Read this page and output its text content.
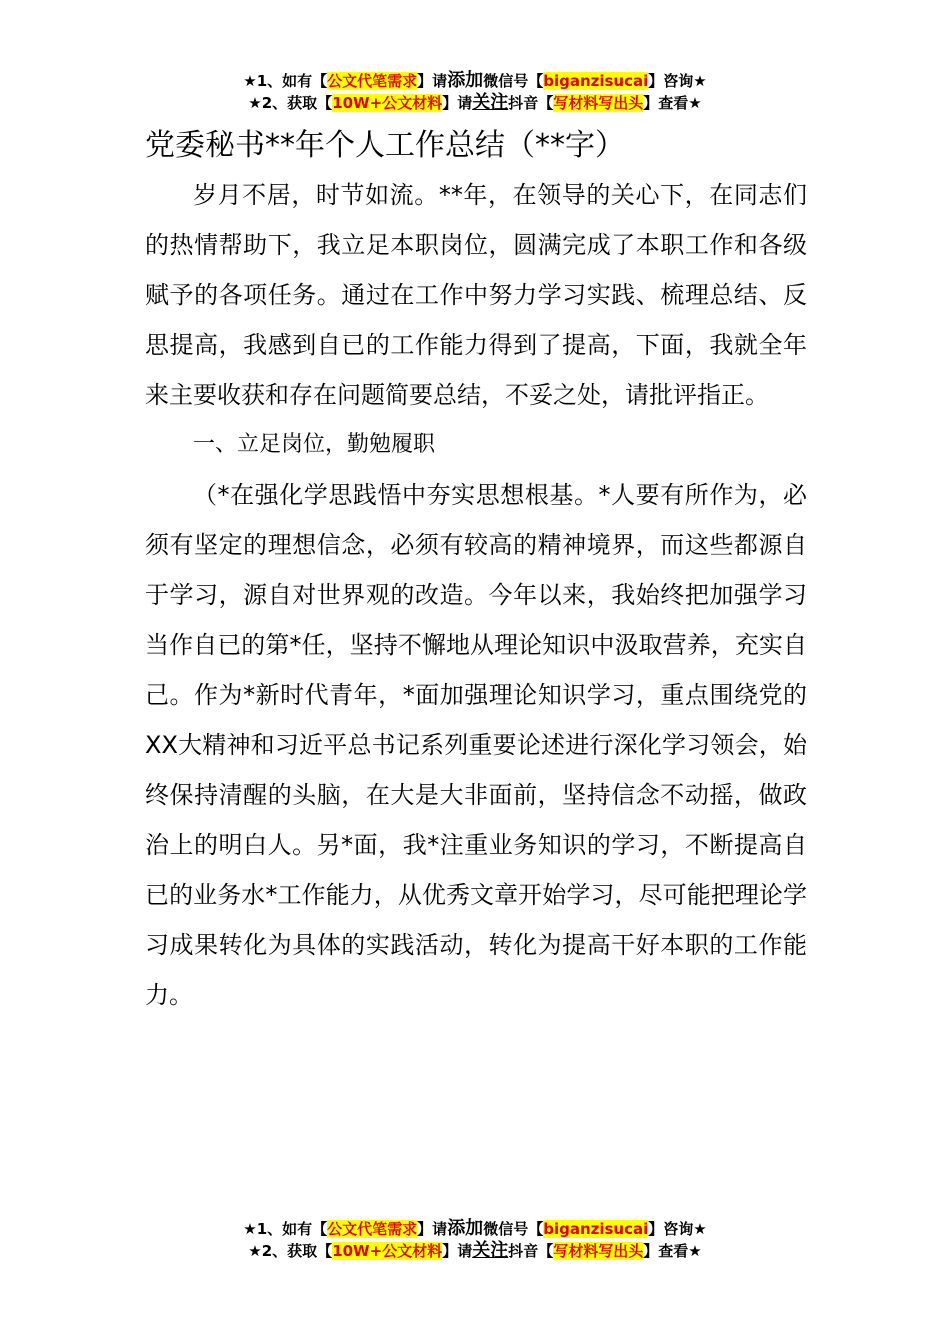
★1、如有【公文代笔需求】请添加微信号【biganzisucai】咨询★
★2、获取【10W+公文材料】请关注抖音【写材料写出头】查看★
党委秘书**年个人工作总结（**字）

岁月不居，时节如流。**年，在领导的关心下，在同志们的热情帮助下，我立足本职岗位，圆满完成了本职工作和各级赋予的各项任务。通过在工作中努力学习实践、梳理总结、反思提高，我感到自已的工作能力得到了提高，下面，我就全年来主要收获和存在问题简要总结，不妥之处，请批评指正。

一、立足岗位，勤勉履职

（*在强化学思践悟中夯实思想根基。*人要有所作为，必须有坚定的理想信念，必须有较高的精神境界，而这些都源自于学习，源自对世界观的改造。今年以来，我始终把加强学习当作自已的第*任，坚持不懈地从理论知识中汲取营养，充实自己。作为*新时代青年，*面加强理论知识学习，重点围绕党的XX大精神和习近平总书记系列重要论述进行深化学习领会，始终保持清醒的头脑，在大是大非面前，坚持信念不动摇，做政治上的明白人。另*面，我*注重业务知识的学习，不断提高自已的业务水*工作能力，从优秀文章开始学习，尽可能把理论学习成果转化为具体的实践活动，转化为提高干好本职的工作能力。

★1、如有【公文代笔需求】请添加微信号【biganzisucai】咨询★
★2、获取【10W+公文材料】请关注抖音【写材料写出头】查看★
